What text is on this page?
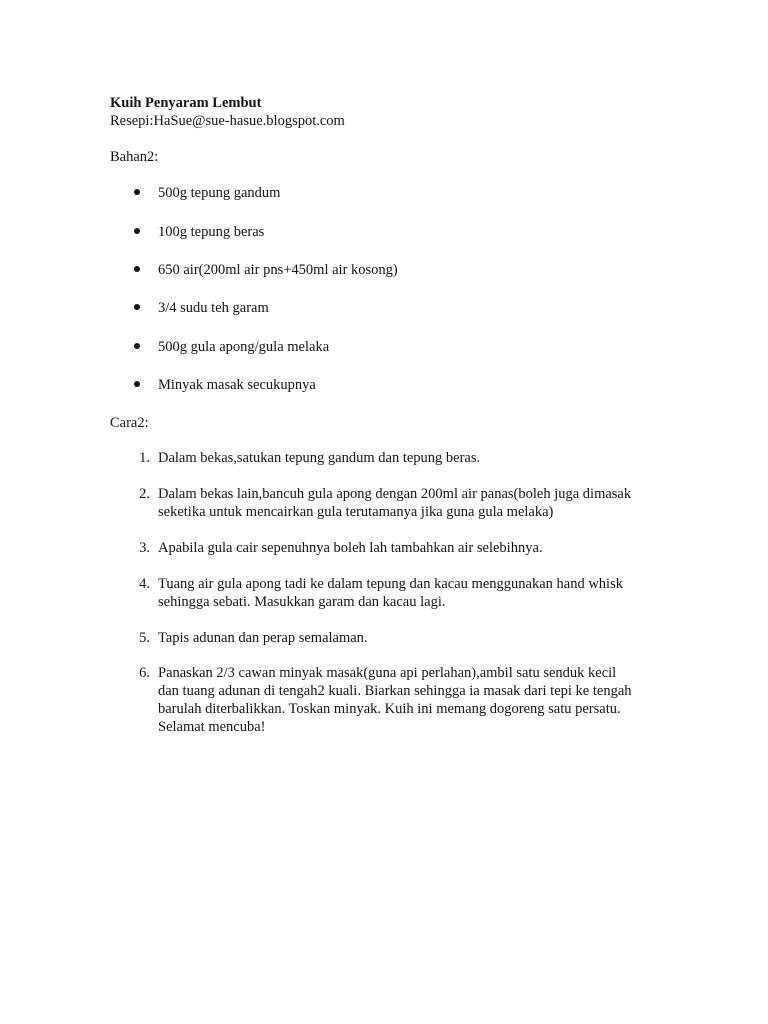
Kuih Penyaram Lembut
Resepi:HaSue@sue-hasue.blogspot.com
Bahan2:
500g tepung gandum
100g tepung beras
650 air(200ml air pns+450ml air kosong)
3/4 sudu teh garam
500g gula apong/gula melaka
Minyak masak secukupnya
Cara2:
1. Dalam bekas,satukan tepung gandum dan tepung beras.
2. Dalam bekas lain,bancuh gula apong dengan 200ml air panas(boleh juga dimasak
seketika untuk mencairkan gula terutamanya jika guna gula melaka)
3. Apabila gula cair sepenuhnya boleh lah tambahkan air selebihnya.
4. Tuang air gula apong tadi ke dalam tepung dan kacau menggunakan hand whisk
sehingga sebati. Masukkan garam dan kacau lagi.
5. Tapis adunan dan perap semalaman.
6. Panaskan 2/3 cawan minyak masak(guna api perlahan),ambil satu senduk kecil
dan tuang adunan di tengah2 kuali. Biarkan sehingga ia masak dari tepi ke tengah
barulah diterbalikkan. Toskan minyak. Kuih ini memang dogoreng satu persatu.
Selamat mencuba!
